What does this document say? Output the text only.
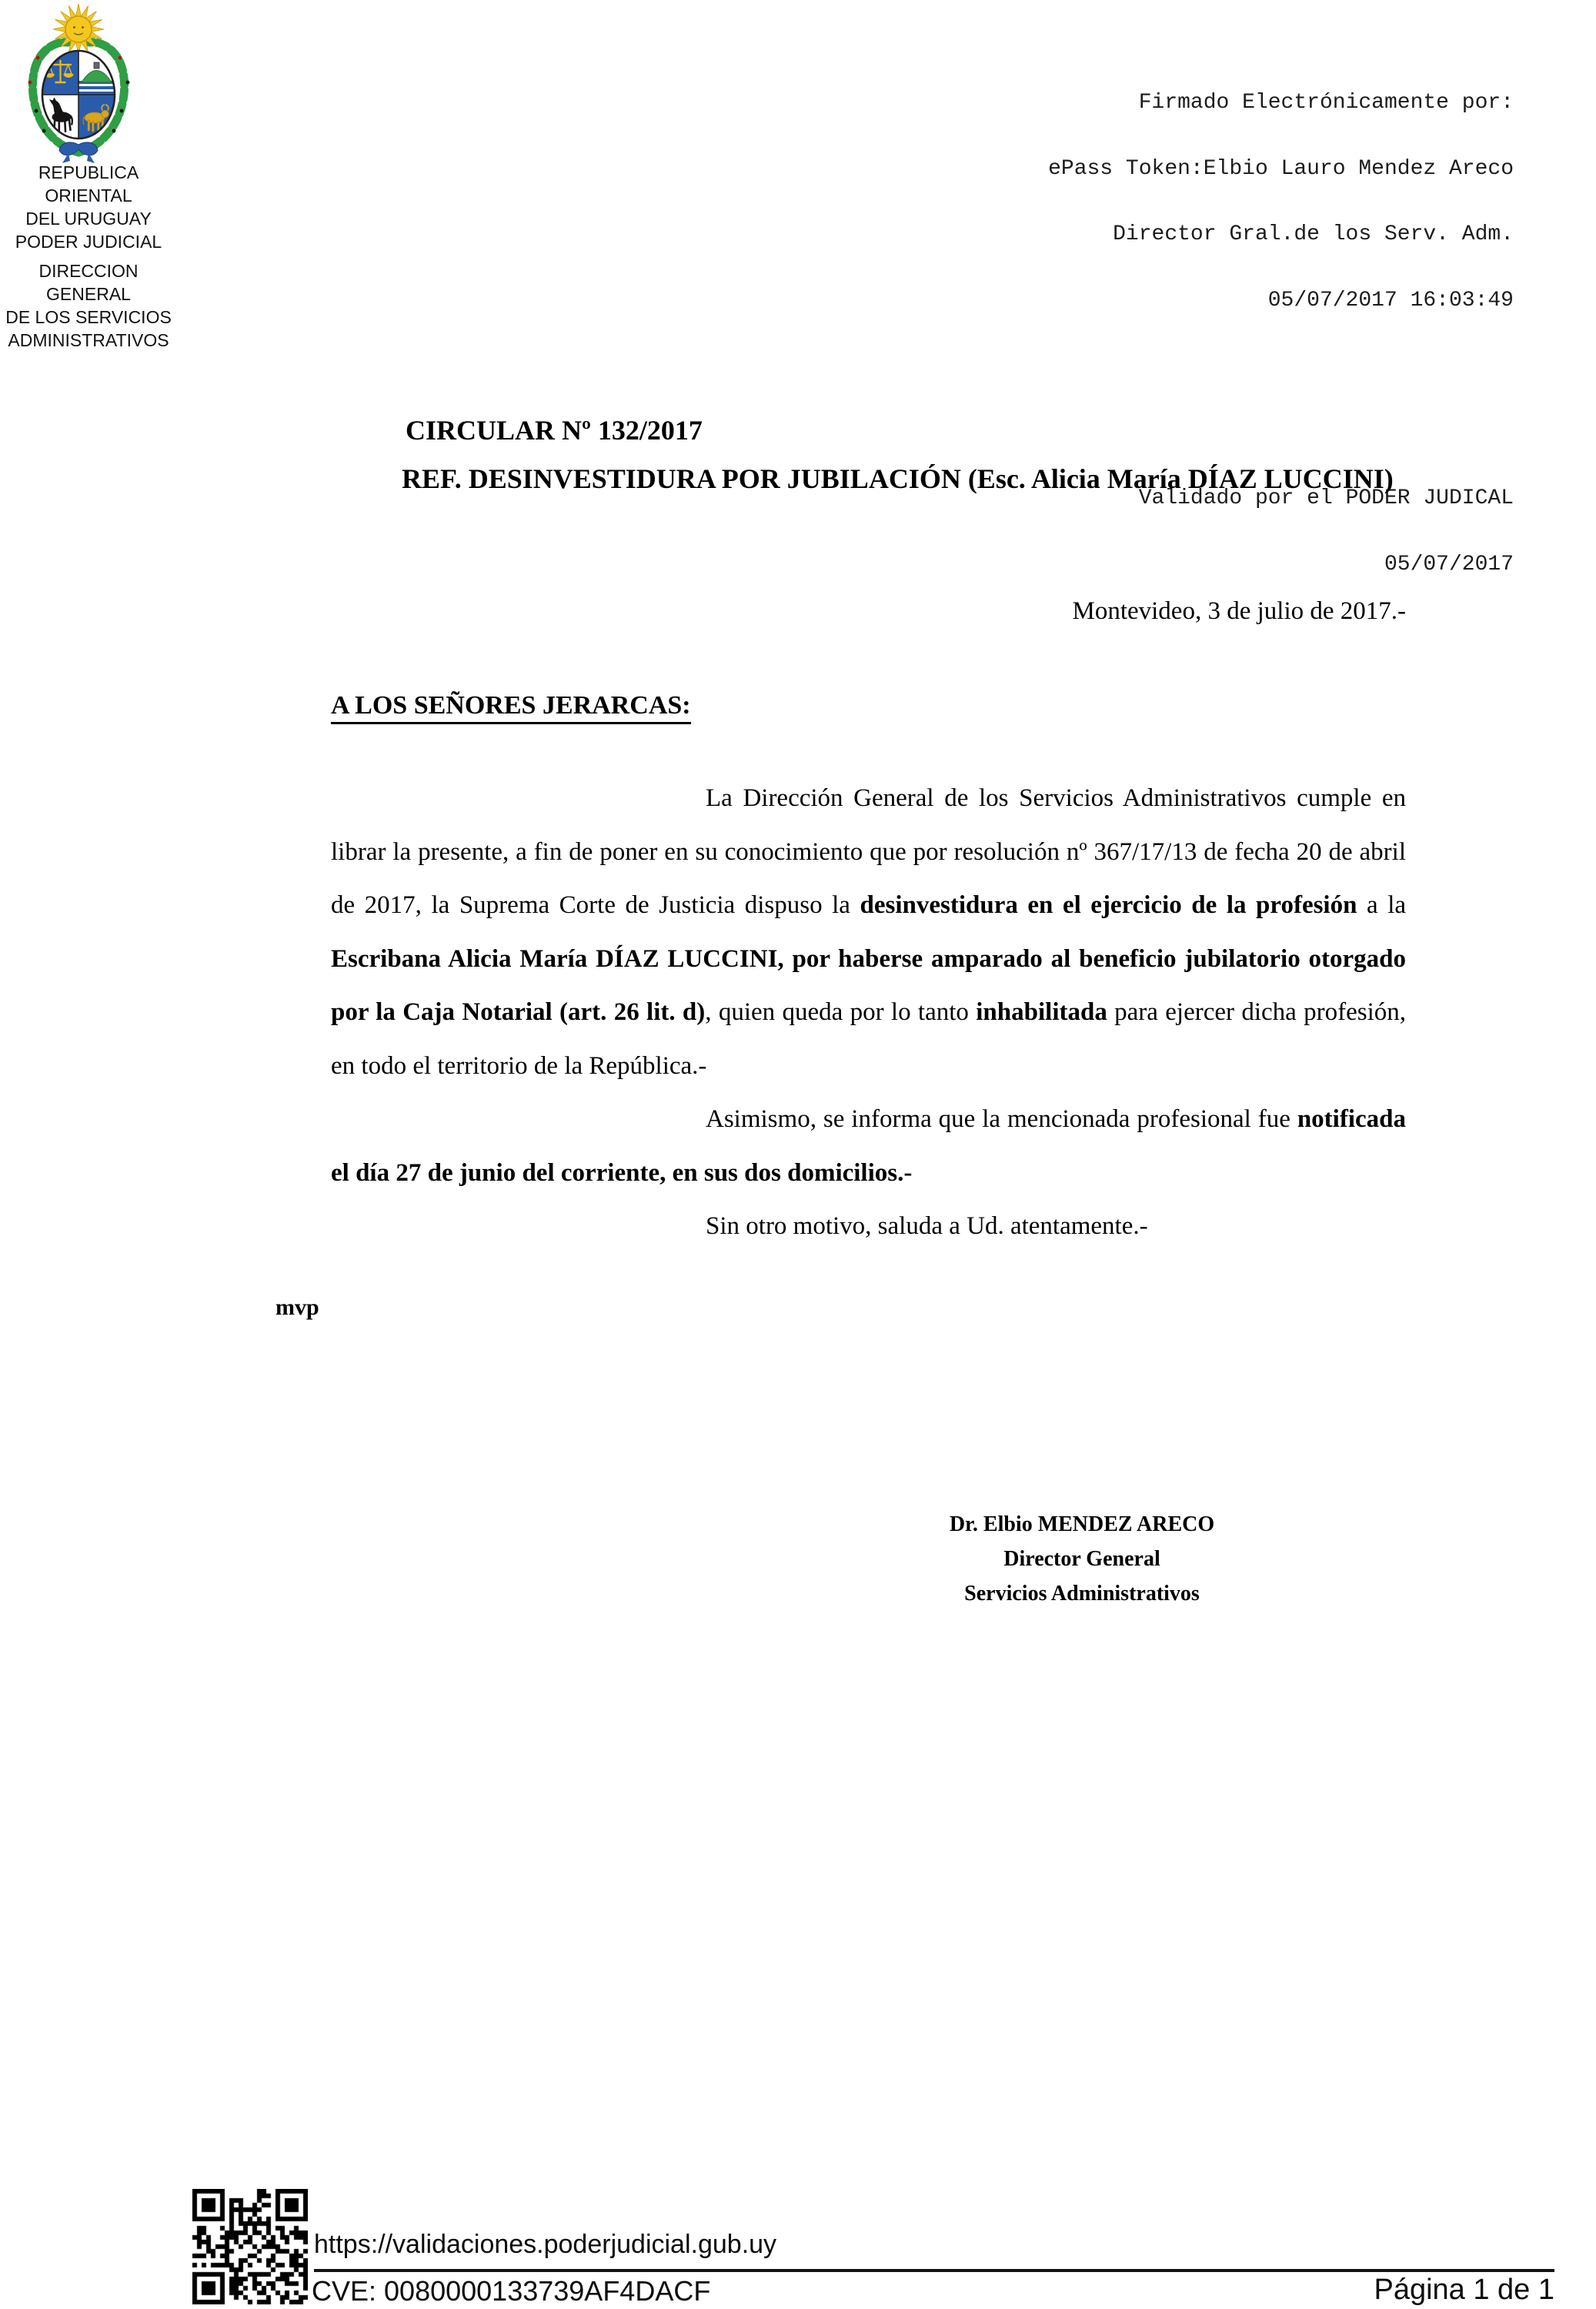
REPUBLICA ORIENTAL
DEL URUGUAY
PODER JUDICIAL
DIRECCION GENERAL
DE LOS SERVICIOS
ADMINISTRATIVOS

Firmado Electrónicamente por:

ePass Token:Elbio Lauro Mendez Areco

Director Gral.de los Serv. Adm.

05/07/2017 16:03:49

Validado por el PODER JUDICAL

05/07/2017

CIRCULAR Nº 132/2017
REF. DESINVESTIDURA POR JUBILACIÓN (Esc. Alicia María DÍAZ LUCCINI)
Montevideo, 3 de julio de 2017.-
A LOS SEÑORES JERARCAS:

La Dirección General de los Servicios Administrativos cumple en librar la presente, a fin de poner en su conocimiento que por resolución nº 367/17/13 de fecha 20 de abril de 2017, la Suprema Corte de Justicia dispuso la desinvestidura en el ejercicio de la profesión a la Escribana Alicia María DÍAZ LUCCINI, por haberse amparado al beneficio jubilatorio otorgado por la Caja Notarial (art. 26 lit. d), quien queda por lo tanto inhabilitada para ejercer dicha profesión, en todo el territorio de la República.-

Asimismo, se informa que la mencionada profesional fue notificada el día 27 de junio del corriente, en sus dos domicilios.-

Sin otro motivo, saluda a Ud. atentamente.-

mvp
Dr. Elbio MENDEZ ARECO
Director General
Servicios Administrativos
https://validaciones.poderjudicial.gub.uy
CVE: 0080000133739AF4DACF	Página 1 de 1
